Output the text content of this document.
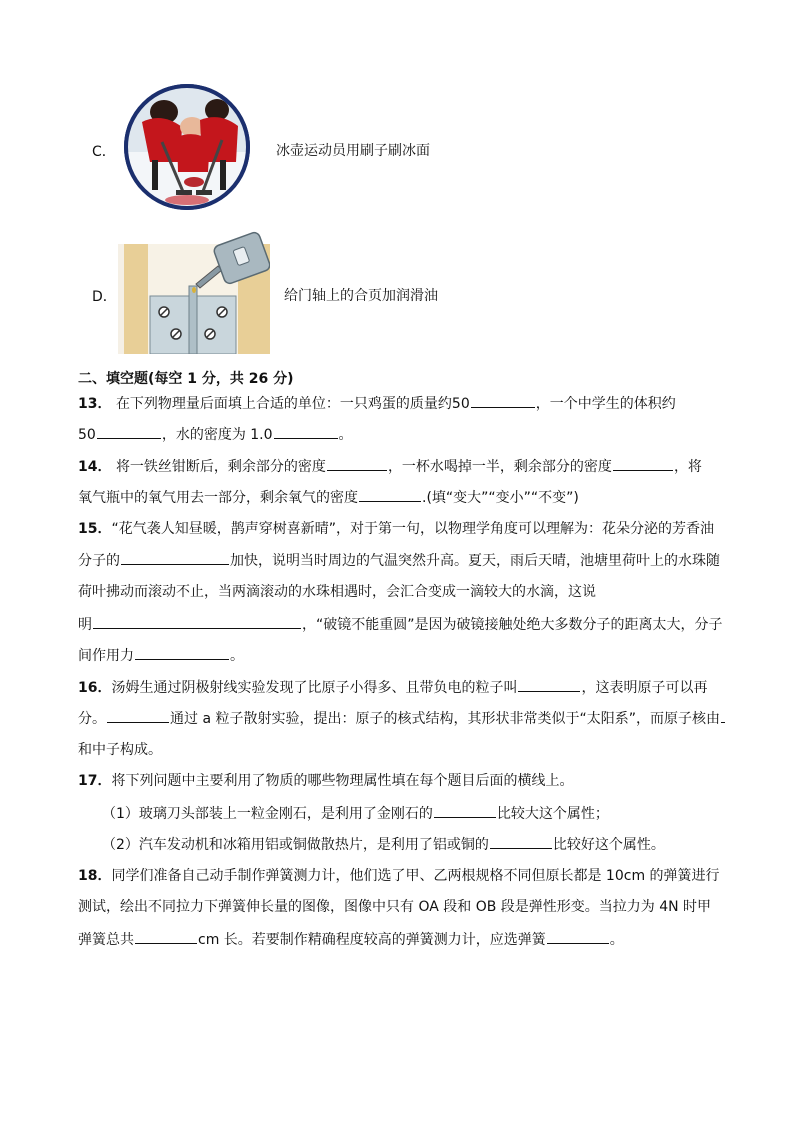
C．	冰壶运动员用刷子刷冰面
D．	给门轴上的合页加润滑油
二、填空题(每空 1 分，共 26 分)
13． 在下列物理量后面填上合适的单位：一只鸡蛋的质量约50	，一个中学生的体积约
50	，水的密度为 1.0	。
14． 将一铁丝钳断后，剩余部分的密度	，一杯水喝掉一半，剩余部分的密度	，将
氧气瓶中的氧气用去一部分，剩余氧气的密度	.(填“变大”“变小”“不变”)
15．“花气袭人知昼暖，鹊声穿树喜新晴”，对于第一句，以物理学角度可以理解为：花朵分泌的芳香油
分子的	加快，说明当时周边的气温突然升高。夏天，雨后天晴，池塘里荷叶上的水珠随
荷叶拂动而滚动不止，当两滴滚动的水珠相遇时，会汇合变成一滴较大的水滴，这说
明	，“破镜不能重圆”是因为破镜接触处绝大多数分子的距离太大，分子
间作用力	。
16．汤姆生通过阴极射线实验发现了比原子小得多、且带负电的粒子叫	，这表明原子可以再
分。	通过 a 粒子散射实验，提出：原子的核式结构，其形状非常类似于“太阳系”，而原子核由
和中子构成。
17．将下列问题中主要利用了物质的哪些物理属性填在每个题目后面的横线上。
（1）玻璃刀头部装上一粒金刚石，是利用了金刚石的	比较大这个属性；
（2）汽车发动机和冰箱用铝或铜做散热片，是利用了铝或铜的	比较好这个属性。
18．同学们准备自己动手制作弹簧测力计，他们选了甲、乙两根规格不同但原长都是 10cm 的弹簧进行
测试，绘出不同拉力下弹簧伸长量的图像，图像中只有 OA 段和 OB 段是弹性形变。当拉力为 4N 时甲
弹簧总共	cm 长。若要制作精确程度较高的弹簧测力计，应选弹簧	。
